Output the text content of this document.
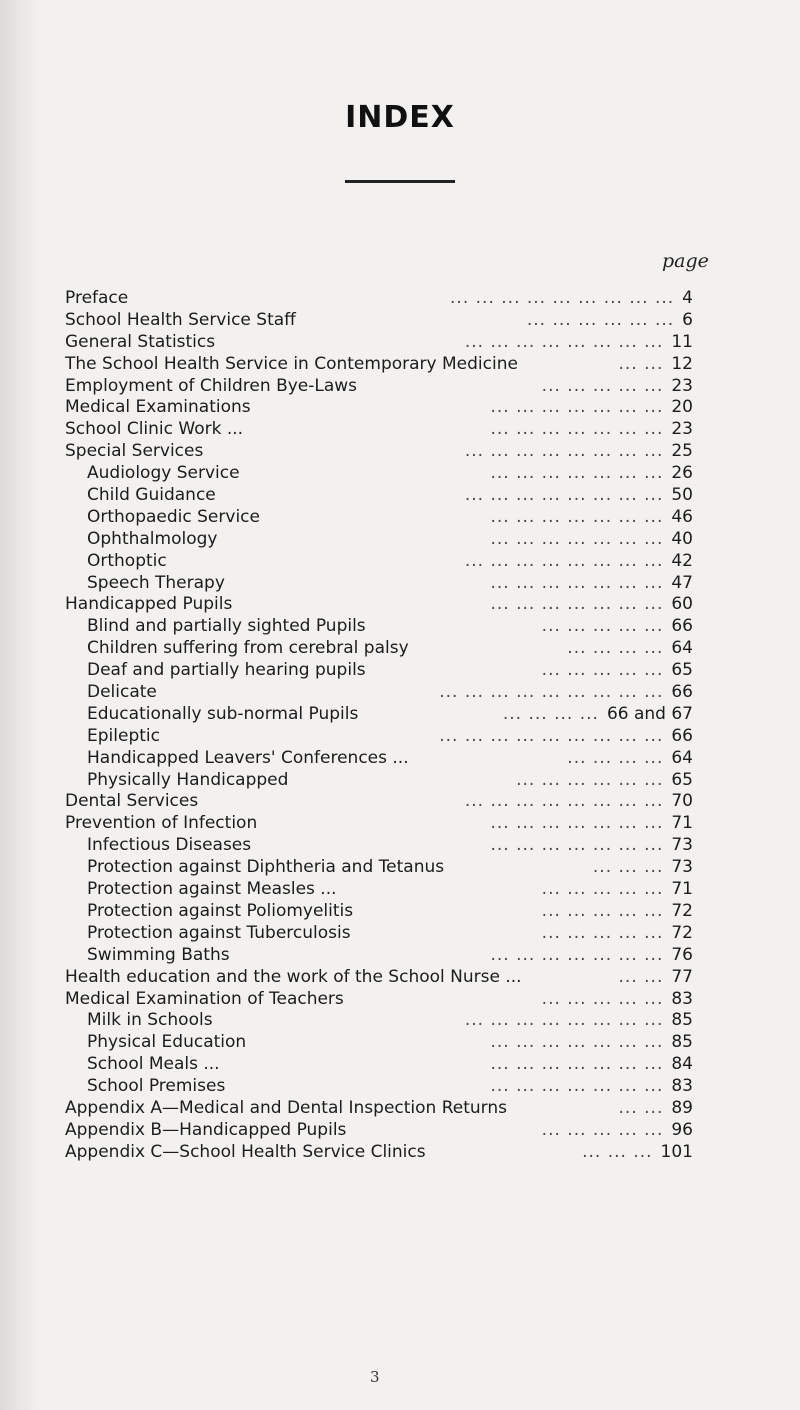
INDEX
page
Preface	... ... ... ... ... ... ... ... ... 4
School Health Service Staff	... ... ... ... ... ... 6
General Statistics	... ... ... ... ... ... ... ... 11
The School Health Service in Contemporary Medicine	... ... 12
Employment of Children Bye-Laws	... ... ... ... ... 23
Medical Examinations	... ... ... ... ... ... ... 20
School Clinic Work ...	... ... ... ... ... ... ... 23
Special Services	... ... ... ... ... ... ... ... 25
Audiology Service	... ... ... ... ... ... ... 26
Child Guidance	... ... ... ... ... ... ... ... 50
Orthopaedic Service	... ... ... ... ... ... ... 46
Ophthalmology	... ... ... ... ... ... ... 40
Orthoptic	... ... ... ... ... ... ... ... 42
Speech Therapy	... ... ... ... ... ... ... 47
Handicapped Pupils	... ... ... ... ... ... ... 60
Blind and partially sighted Pupils	... ... ... ... ... 66
Children suffering from cerebral palsy	... ... ... ... 64
Deaf and partially hearing pupils	... ... ... ... ... 65
Delicate	... ... ... ... ... ... ... ... ... 66
Educationally sub-normal Pupils	... ... ... ... 66 and 67
Epileptic	... ... ... ... ... ... ... ... ... 66
Handicapped Leavers' Conferences ...	... ... ... ... 64
Physically Handicapped	... ... ... ... ... ... 65
Dental Services	... ... ... ... ... ... ... ... 70
Prevention of Infection	... ... ... ... ... ... ... 71
Infectious Diseases	... ... ... ... ... ... ... 73
Protection against Diphtheria and Tetanus	... ... ... 73
Protection against Measles ...	... ... ... ... ... 71
Protection against Poliomyelitis	... ... ... ... ... 72
Protection against Tuberculosis	... ... ... ... ... 72
Swimming Baths	... ... ... ... ... ... ... 76
Health education and the work of the School Nurse ...	... ... 77
Medical Examination of Teachers	... ... ... ... ... 83
Milk in Schools	... ... ... ... ... ... ... ... 85
Physical Education	... ... ... ... ... ... ... 85
School Meals ...	... ... ... ... ... ... ... 84
School Premises	... ... ... ... ... ... ... 83
Appendix A—Medical and Dental Inspection Returns	... ... 89
Appendix B—Handicapped Pupils	... ... ... ... ... 96
Appendix C—School Health Service Clinics	... ... ... 101
3
